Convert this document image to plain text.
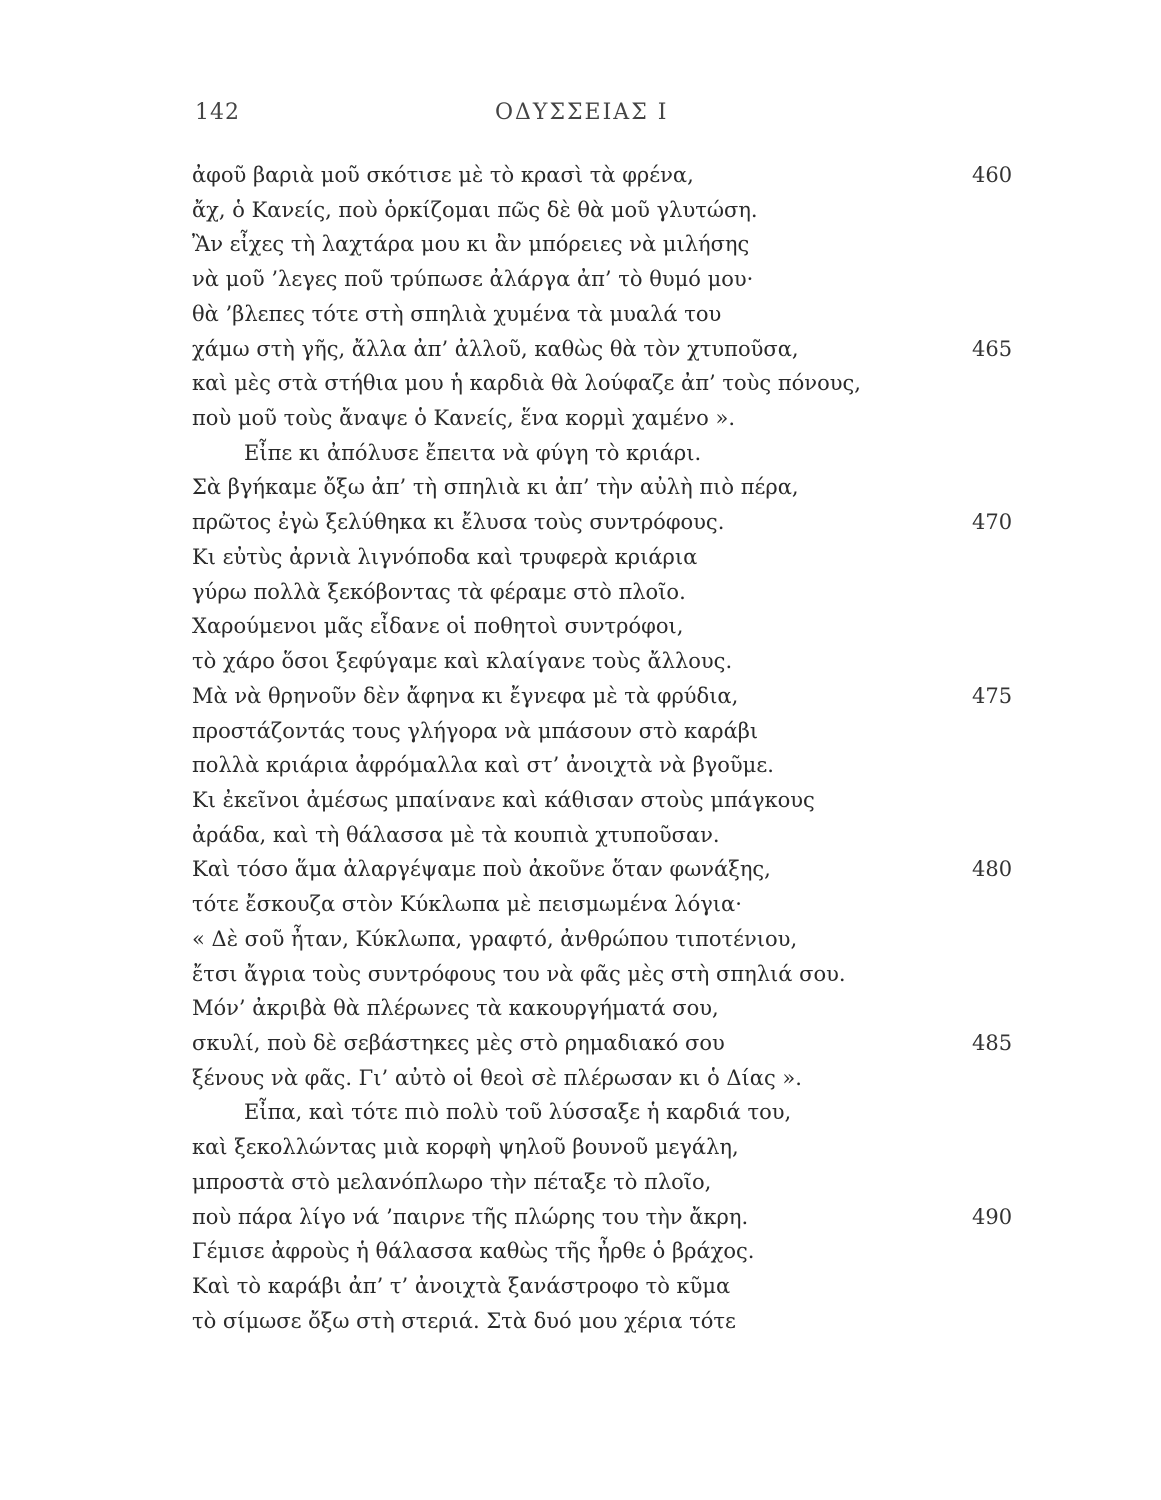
142	ΟΔΥΣΣΕΙΑΣ Ι
ἀφοῦ βαριὰ μοῦ σκότισε μὲ τὸ κρασὶ τὰ φρένα,	460
ἄχ, ὁ Κανείς, ποὺ ὁρκίζομαι πῶς δὲ θὰ μοῦ γλυτώση.
Ἂν εἶχες τὴ λαχτάρα μου κι ἂν μπόρειες νὰ μιλήσης
νὰ μοῦ ’λεγες ποῦ τρύπωσε ἀλάργα ἀπ’ τὸ θυμό μου·
θὰ ’βλεπες τότε στὴ σπηλιὰ χυμένα τὰ μυαλά του
χάμω στὴ γῆς, ἄλλα ἀπ’ ἀλλοῦ, καθὼς θὰ τὸν χτυποῦσα,	465
καὶ μὲς στὰ στήθια μου ἡ καρδιὰ θὰ λούφαζε ἀπ’ τοὺς πόνους,
ποὺ μοῦ τοὺς ἄναψε ὁ Κανείς, ἕνα κορμὶ χαμένο ».
Εἶπε κι ἀπόλυσε ἔπειτα νὰ φύγη τὸ κριάρι.
Σὰ βγήκαμε ὄξω ἀπ’ τὴ σπηλιὰ κι ἀπ’ τὴν αὐλὴ πιὸ πέρα,
πρῶτος ἐγὼ ξελύθηκα κι ἔλυσα τοὺς συντρόφους.	470
Κι εὐτὺς ἀρνιὰ λιγνόποδα καὶ τρυφερὰ κριάρια
γύρω πολλὰ ξεκόβοντας τὰ φέραμε στὸ πλοῖο.
Χαρούμενοι μᾶς εἶδανε οἱ ποθητοὶ συντρόφοι,
τὸ χάρο ὅσοι ξεφύγαμε καὶ κλαίγανε τοὺς ἄλλους.
Μὰ νὰ θρηνοῦν δὲν ἄφηνα κι ἔγνεφα μὲ τὰ φρύδια,	475
προστάζοντάς τους γλήγορα νὰ μπάσουν στὸ καράβι
πολλὰ κριάρια ἀφρόμαλλα καὶ στ’ ἀνοιχτὰ νὰ βγοῦμε.
Κι ἐκεῖνοι ἀμέσως μπαίνανε καὶ κάθισαν στοὺς μπάγκους
ἀράδα, καὶ τὴ θάλασσα μὲ τὰ κουπιὰ χτυποῦσαν.
Καὶ τόσο ἅμα ἀλαργέψαμε ποὺ ἀκοῦνε ὅταν φωνάξης,	480
τότε ἔσκουζα στὸν Κύκλωπα μὲ πεισμωμένα λόγια·
« Δὲ σοῦ ἦταν, Κύκλωπα, γραφτό, ἀνθρώπου τιποτένιου,
ἔτσι ἄγρια τοὺς συντρόφους του νὰ φᾶς μὲς στὴ σπηλιά σου.
Μόν’ ἀκριβὰ θὰ πλέρωνες τὰ κακουργήματά σου,
σκυλί, ποὺ δὲ σεβάστηκες μὲς στὸ ρημαδιακό σου	485
ξένους νὰ φᾶς. Γι’ αὐτὸ οἱ θεοὶ σὲ πλέρωσαν κι ὁ Δίας ».
Εἶπα, καὶ τότε πιὸ πολὺ τοῦ λύσσαξε ἡ καρδιά του,
καὶ ξεκολλώντας μιὰ κορφὴ ψηλοῦ βουνοῦ μεγάλη,
μπροστὰ στὸ μελανόπλωρο τὴν πέταξε τὸ πλοῖο,
ποὺ πάρα λίγο νά ’παιρνε τῆς πλώρης του τὴν ἄκρη.	490
Γέμισε ἀφροὺς ἡ θάλασσα καθὼς τῆς ἦρθε ὁ βράχος.
Καὶ τὸ καράβι ἀπ’ τ’ ἀνοιχτὰ ξανάστροφο τὸ κῦμα
τὸ σίμωσε ὄξω στὴ στεριά. Στὰ δυό μου χέρια τότε
